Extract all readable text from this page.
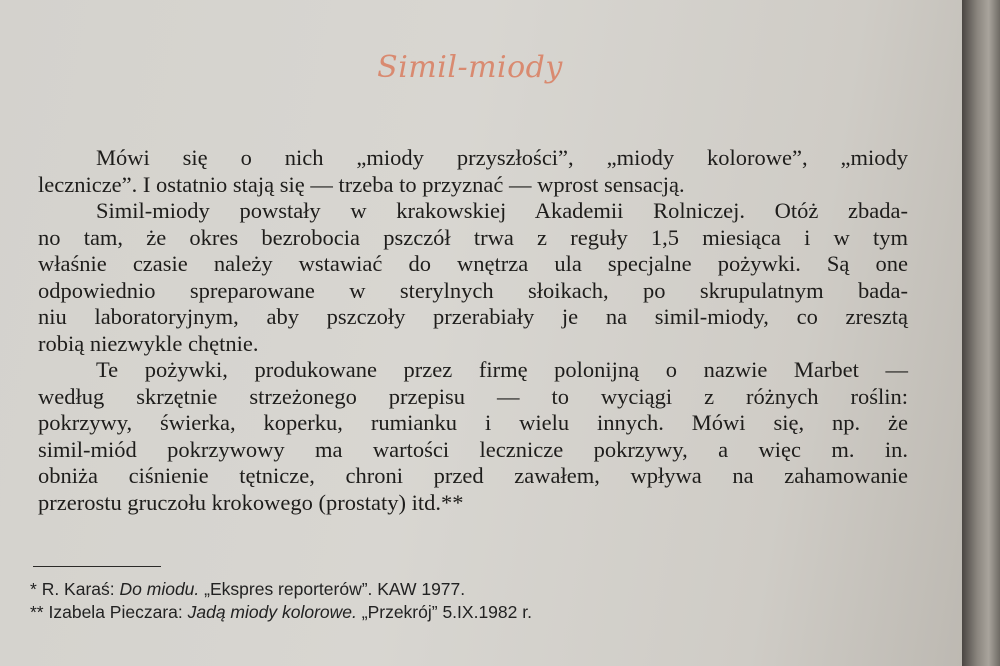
Simil-miody
Mówi się o nich „miody przyszłości”, „miody kolorowe”, „miody
lecznicze”. I ostatnio stają się — trzeba to przyznać — wprost sensacją.
Simil-miody powstały w krakowskiej Akademii Rolniczej. Otóż zbada-
no tam, że okres bezrobocia pszczół trwa z reguły 1,5 miesiąca i w tym
właśnie czasie należy wstawiać do wnętrza ula specjalne pożywki. Są one
odpowiednio spreparowane w sterylnych słoikach, po skrupulatnym bada-
niu laboratoryjnym, aby pszczoły przerabiały je na simil-miody, co zresztą
robią niezwykle chętnie.
Te pożywki, produkowane przez firmę polonijną o nazwie Marbet —
według skrzętnie strzeżonego przepisu — to wyciągi z różnych roślin:
pokrzywy, świerka, koperku, rumianku i wielu innych. Mówi się, np. że
simil-miód pokrzywowy ma wartości lecznicze pokrzywy, a więc m. in.
obniża ciśnienie tętnicze, chroni przed zawałem, wpływa na zahamowanie
przerostu gruczołu krokowego (prostaty) itd.**
* R. Karaś: Do miodu. „Ekspres reporterów”. KAW 1977.
** Izabela Pieczara: Jadą miody kolorowe. „Przekrój” 5.IX.1982 r.
